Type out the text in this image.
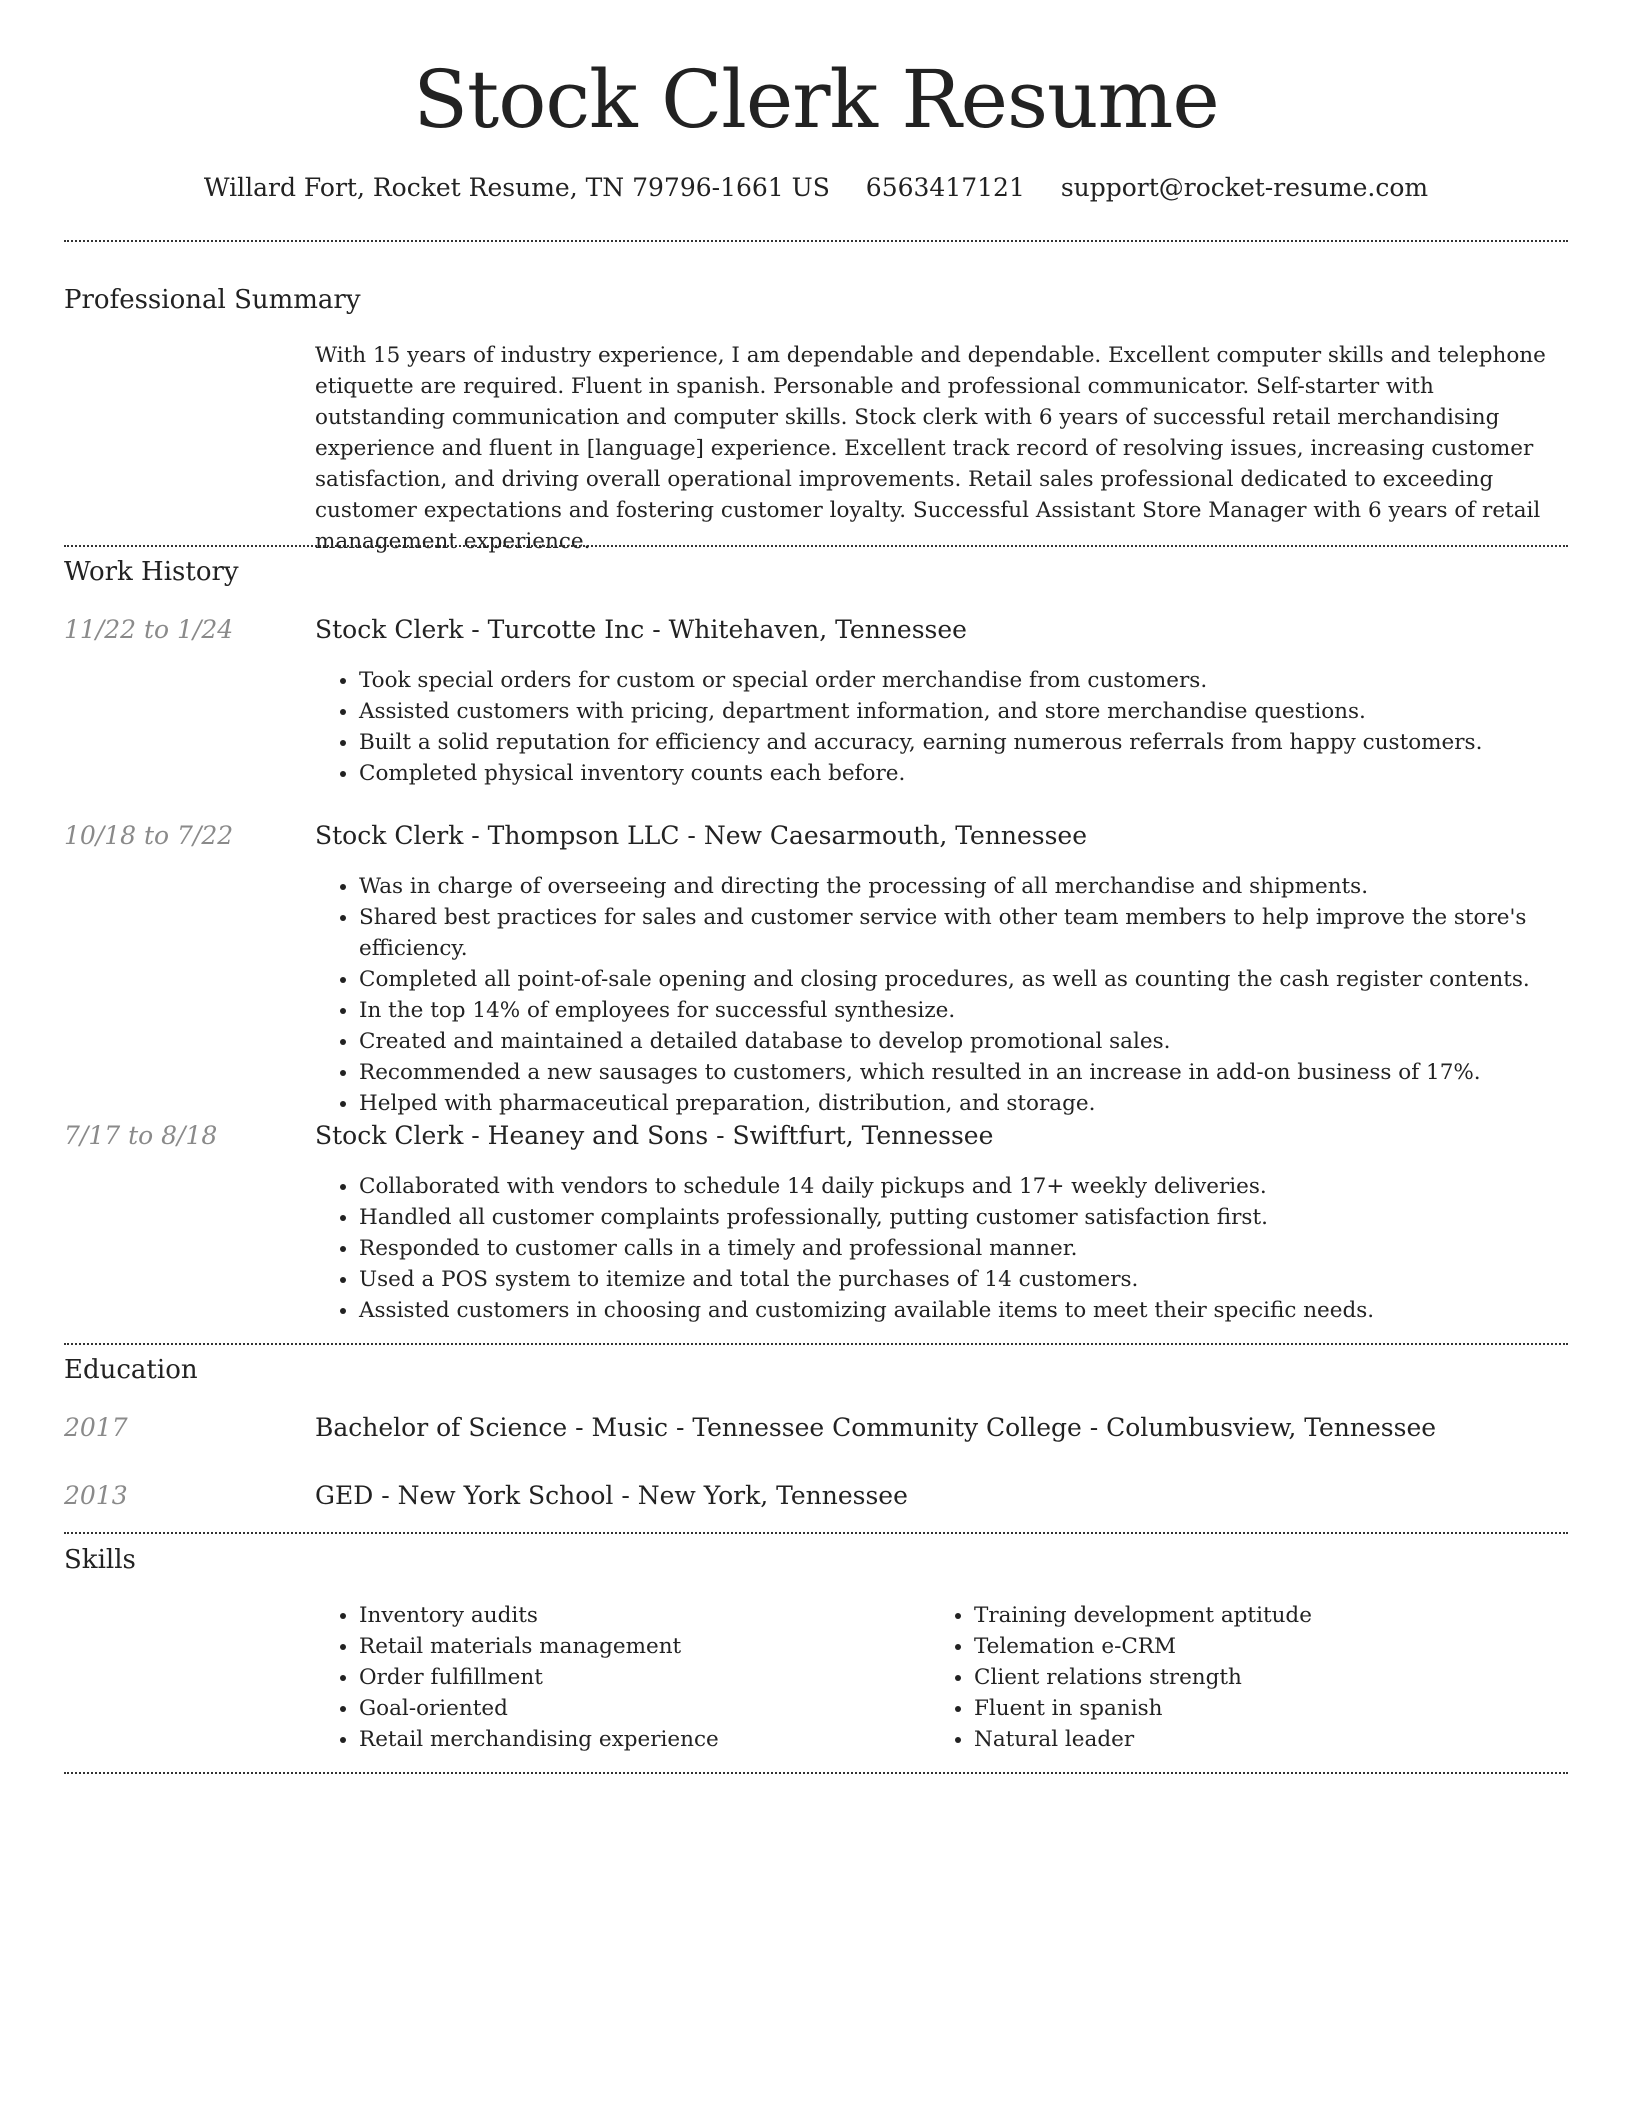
Stock Clerk Resume
Willard Fort, Rocket Resume, TN 79796-1661 US 6563417121 support@rocket-resume.com
Professional Summary

With 15 years of industry experience, I am dependable and dependable. Excellent computer skills and telephone etiquette are required. Fluent in spanish. Personable and professional communicator. Self-starter with outstanding communication and computer skills. Stock clerk with 6 years of successful retail merchandising experience and fluent in [language] experience. Excellent track record of resolving issues, increasing customer satisfaction, and driving overall operational improvements. Retail sales professional dedicated to exceeding customer expectations and fostering customer loyalty. Successful Assistant Store Manager with 6 years of retail management experience.

Work History
11/22 to 1/24	Stock Clerk - Turcotte Inc - Whitehaven, Tennessee
• Took special orders for custom or special order merchandise from customers.
• Assisted customers with pricing, department information, and store merchandise questions.
• Built a solid reputation for efficiency and accuracy, earning numerous referrals from happy customers.
• Completed physical inventory counts each before.
10/18 to 7/22	Stock Clerk - Thompson LLC - New Caesarmouth, Tennessee
• Was in charge of overseeing and directing the processing of all merchandise and shipments.
• Shared best practices for sales and customer service with other team members to help improve the store's efficiency.
• Completed all point-of-sale opening and closing procedures, as well as counting the cash register contents.
• In the top 14% of employees for successful synthesize.
• Created and maintained a detailed database to develop promotional sales.
• Recommended a new sausages to customers, which resulted in an increase in add-on business of 17%.
• Helped with pharmaceutical preparation, distribution, and storage.
7/17 to 8/18	Stock Clerk - Heaney and Sons - Swiftfurt, Tennessee
• Collaborated with vendors to schedule 14 daily pickups and 17+ weekly deliveries.
• Handled all customer complaints professionally, putting customer satisfaction first.
• Responded to customer calls in a timely and professional manner.
• Used a POS system to itemize and total the purchases of 14 customers.
• Assisted customers in choosing and customizing available items to meet their specific needs.
Education
2017	Bachelor of Science - Music - Tennessee Community College - Columbusview, Tennessee
2013	GED - New York School - New York, Tennessee
Skills
• Inventory audits
• Retail materials management
• Order fulfillment
• Goal-oriented
• Retail merchandising experience
• Training development aptitude
• Telemation e-CRM
• Client relations strength
• Fluent in spanish
• Natural leader
